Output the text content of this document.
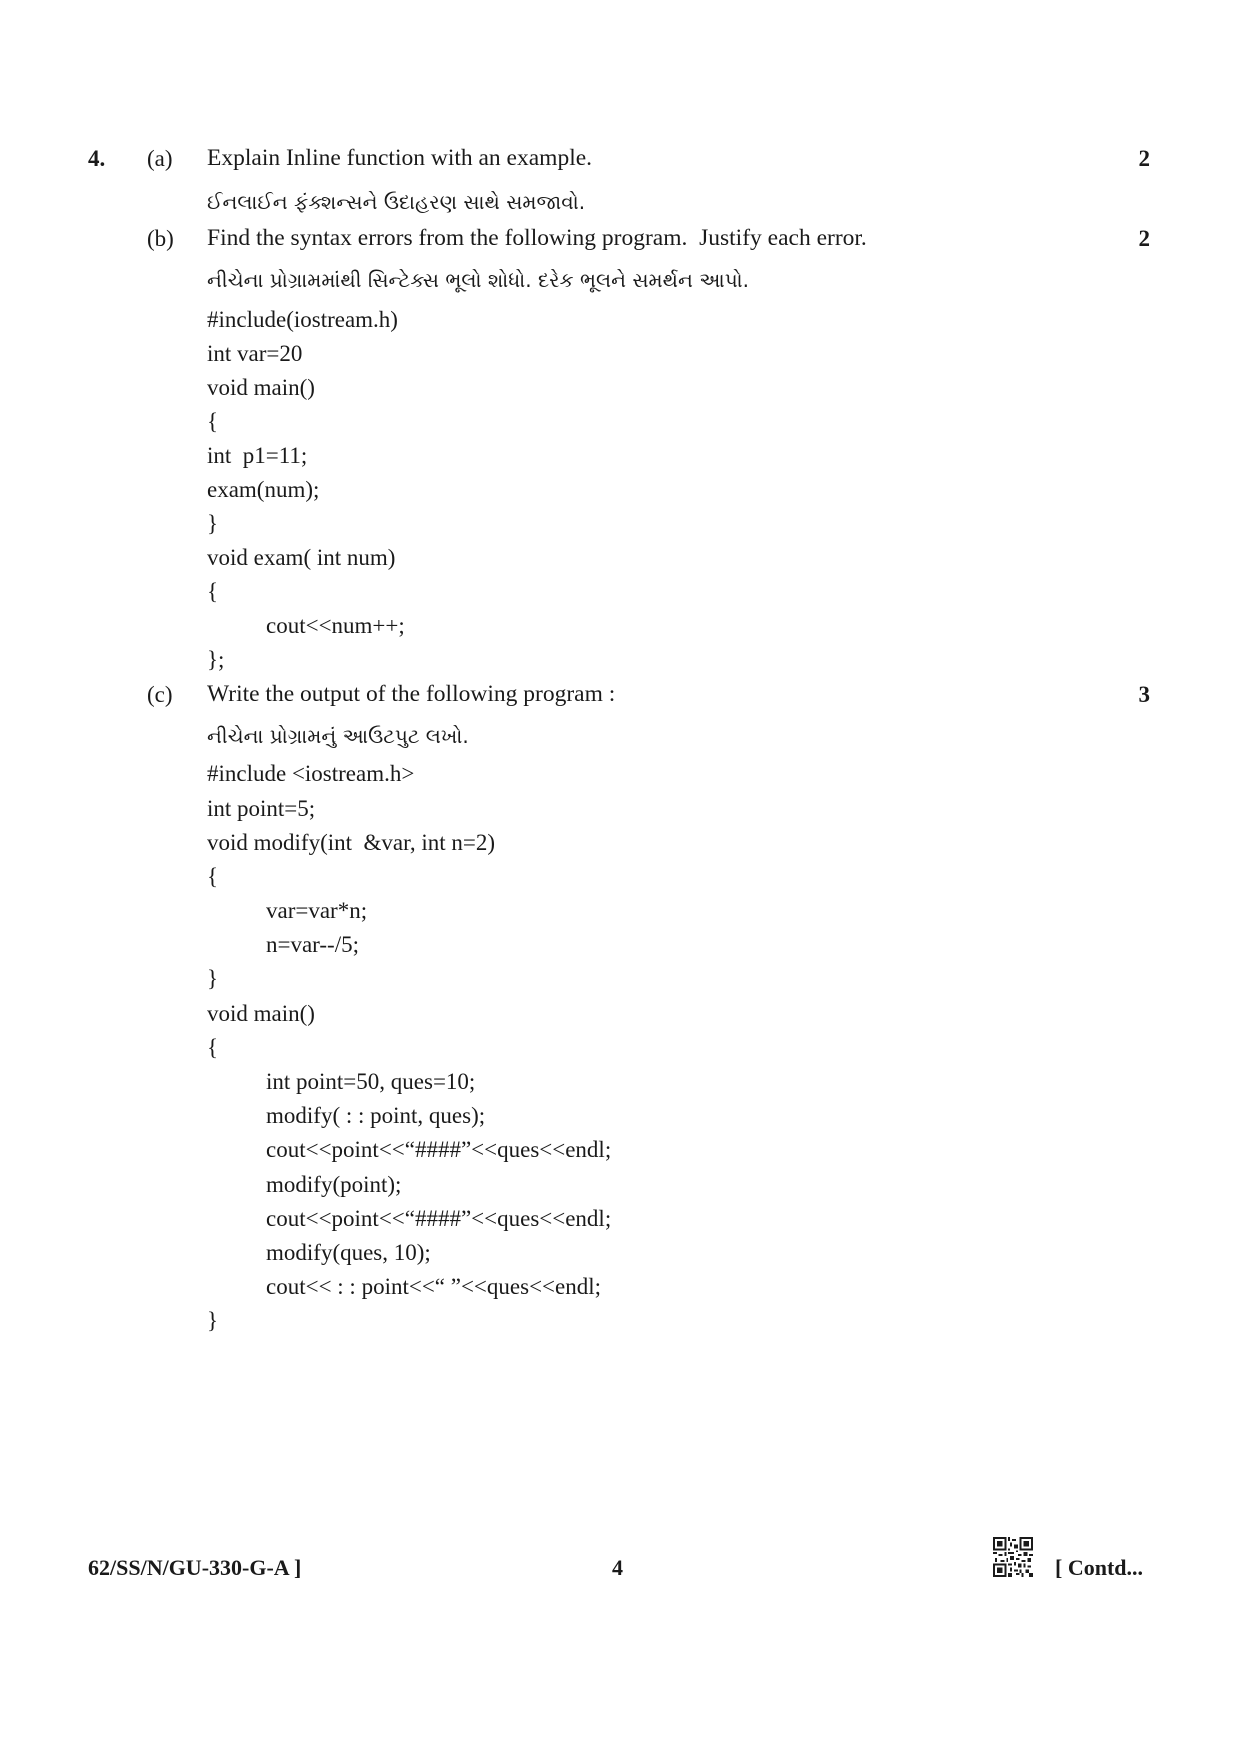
4. (a) Explain Inline function with an example.	2
ઈનલાઈન ફંક્શન્સને ઉદાહરણ સાથે સમજાવો.
(b) Find the syntax errors from the following program.  Justify each error.	2
નીચેના પ્રોગ્રામમાંથી સિન્ટેક્સ ભૂલો શોધો. દરેક ભૂલને સમર્થન આપો.
#include(iostream.h)
int var=20
void main()
{
int  p1=11;
exam(num);
}
void exam( int num)
{
cout<<num++;
};
(c) Write the output of the following program :	3
નીચેના પ્રોગ્રામનું આઉટપુટ લખો.
#include <iostream.h>
int point=5;
void modify(int  &var, int n=2)
{
var=var*n;
n=var--/5;
}
void main()
{
int point=50, ques=10;
modify( : : point, ques);
cout<<point<<“####”<<ques<<endl;
modify(point);
cout<<point<<“####”<<ques<<endl;
modify(ques, 10);
cout<< : : point<<“ ”<<ques<<endl;
}
62/SS/N/GU-330-G-A ]	4	[ Contd...
